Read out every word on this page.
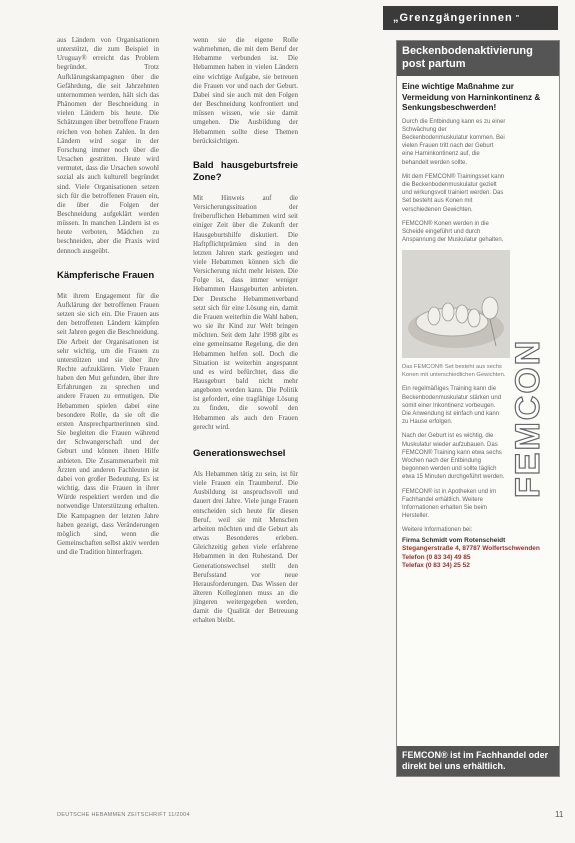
„Grenzgängerinnen "

aus Ländern von Organisationen unterstützt, die zum Beispiel in Uruguay® erreicht das Problem begründet. Trotz Aufklärungskampagnen über die Gefährdung, die seit Jahrzehnten unternommen werden, hält sich das Phänomen der Beschneidung in vielen Ländern bis heute. Die Schätzungen über betroffene Frauen reichen von hohen Zahlen. In den Ländern wird sogar in der Forschung immer noch über die Ursachen gestritten. Heute wird vermutet, dass die Ursachen sowohl sozial als auch kulturell begründet sind. Viele Organisationen setzen sich für die betroffenen Frauen ein, die über die Folgen der Beschneidung aufgeklärt werden müssen. In manchen Ländern ist es heute verboten, Mädchen zu beschneiden, aber die Praxis wird dennoch ausgeübt.

Kämpferische Frauen

Mit ihrem Engagement für die Aufklärung der betroffenen Frauen setzen sie sich ein. Die Frauen aus den betroffenen Ländern kämpfen seit Jahren gegen die Beschneidung. Die Arbeit der Organisationen ist sehr wichtig, um die Frauen zu unterstützen und sie über ihre Rechte aufzuklären. Viele Frauen haben den Mut gefunden, über ihre Erfahrungen zu sprechen und andere Frauen zu ermutigen. Die Hebammen spielen dabei eine besondere Rolle, da sie oft die ersten Ansprechpartnerinnen sind. Sie begleiten die Frauen während der Schwangerschaft und der Geburt und können ihnen Hilfe anbieten. Die Zusammenarbeit mit Ärzten und anderen Fachleuten ist dabei von großer Bedeutung. Es ist wichtig, dass die Frauen in ihrer Würde respektiert werden und die notwendige Unterstützung erhalten. Die Kampagnen der letzten Jahre haben gezeigt, dass Veränderungen möglich sind, wenn die Gemeinschaften selbst aktiv werden und die Tradition hinterfragen.

wenn sie die eigene Rolle wahrnehmen, die mit dem Beruf der Hebamme verbunden ist. Die Hebammen haben in vielen Ländern eine wichtige Aufgabe, sie betreuen die Frauen vor und nach der Geburt. Dabei sind sie auch mit den Folgen der Beschneidung konfrontiert und müssen wissen, wie sie damit umgehen. Die Ausbildung der Hebammen sollte diese Themen berücksichtigen.

Bald hausgeburtsfreie Zone?

Mit Hinweis auf die Versicherungssituation der freiberuflichen Hebammen wird seit einiger Zeit über die Zukunft der Hausgeburtshilfe diskutiert. Die Haftpflichtprämien sind in den letzten Jahren stark gestiegen und viele Hebammen können sich die Versicherung nicht mehr leisten. Die Folge ist, dass immer weniger Hebammen Hausgeburten anbieten. Der Deutsche Hebammenverband setzt sich für eine Lösung ein, damit die Frauen weiterhin die Wahl haben, wo sie ihr Kind zur Welt bringen möchten. Seit dem Jahr 1998 gibt es eine gemeinsame Regelung, die den Hebammen helfen soll. Doch die Situation ist weiterhin angespannt und es wird befürchtet, dass die Hausgeburt bald nicht mehr angeboten werden kann. Die Politik ist gefordert, eine tragfähige Lösung zu finden, die sowohl den Hebammen als auch den Frauen gerecht wird.

Generationswechsel

Als Hebammen tätig zu sein, ist für viele Frauen ein Traumberuf. Die Ausbildung ist anspruchsvoll und dauert drei Jahre. Viele junge Frauen entscheiden sich heute für diesen Beruf, weil sie mit Menschen arbeiten möchten und die Geburt als etwas Besonderes erleben. Gleichzeitig gehen viele erfahrene Hebammen in den Ruhestand. Der Generationswechsel stellt den Berufsstand vor neue Herausforderungen. Das Wissen der älteren Kolleginnen muss an die jüngeren weitergegeben werden, damit die Qualität der Betreuung erhalten bleibt.

Beckenbodenaktivierung post partum
Eine wichtige Maßnahme zur Vermeidung von Harninkontinenz & Senkungsbeschwerden!

Durch die Entbindung kann es zu einer Schwächung der Beckenbodenmuskulatur kommen. Bei vielen Frauen tritt nach der Geburt eine Harninkontinenz auf, die behandelt werden sollte.

Mit dem FEMCON® Trainingsset kann die Beckenbodenmuskulatur gezielt und wirkungsvoll trainiert werden. Das Set besteht aus Konen mit verschiedenen Gewichten.

FEMCON® Konen werden in die Scheide eingeführt und durch Anspannung der Muskulatur gehalten.

Das FEMCON® Set besteht aus sechs Konen mit unterschiedlichen Gewichten.

Ein regelmäßiges Training kann die Beckenbodenmuskulatur stärken und somit einer Inkontinenz vorbeugen. Die Anwendung ist einfach und kann zu Hause erfolgen.

Nach der Geburt ist es wichtig, die Muskulatur wieder aufzubauen. Das FEMCON® Training kann etwa sechs Wochen nach der Entbindung begonnen werden und sollte täglich etwa 15 Minuten durchgeführt werden.

FEMCON® ist in Apotheken und im Fachhandel erhältlich. Weitere Informationen erhalten Sie beim Hersteller.

FEMCON

Weitere Informationen bei:

Firma Schmidt vom Rotenscheidt
Stegangerstraße 4, 87787 Wolfertschwenden
Telefon (0 83 34) 49 85
Telefax (0 83 34) 25 52
FEMCON® ist im Fachhandel oder direkt bei uns erhältlich.
DEUTSCHE HEBAMMEN ZEITSCHRIFT 11/2004	11
